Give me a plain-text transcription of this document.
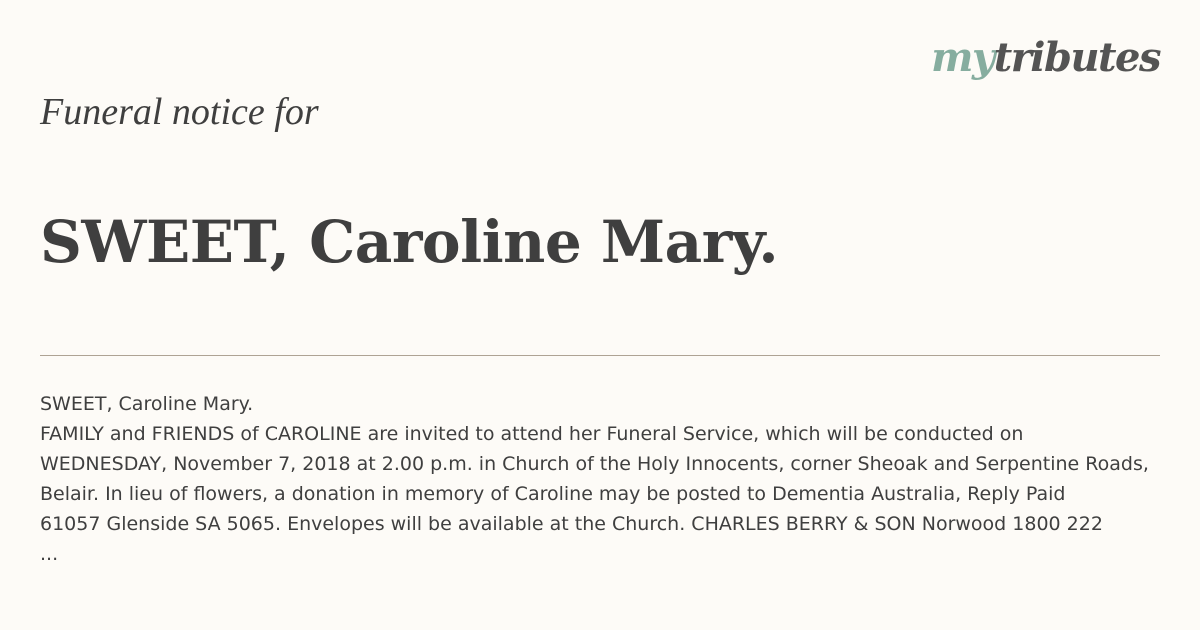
mytributes
Funeral notice for
SWEET, Caroline Mary.
SWEET, Caroline Mary.
FAMILY and FRIENDS of CAROLINE are invited to attend her Funeral Service, which will be conducted on
WEDNESDAY, November 7, 2018 at 2.00 p.m. in Church of the Holy Innocents, corner Sheoak and Serpentine Roads,
Belair. In lieu of flowers, a donation in memory of Caroline may be posted to Dementia Australia, Reply Paid
61057 Glenside SA 5065. Envelopes will be available at the Church. CHARLES BERRY & SON Norwood 1800 222
...
